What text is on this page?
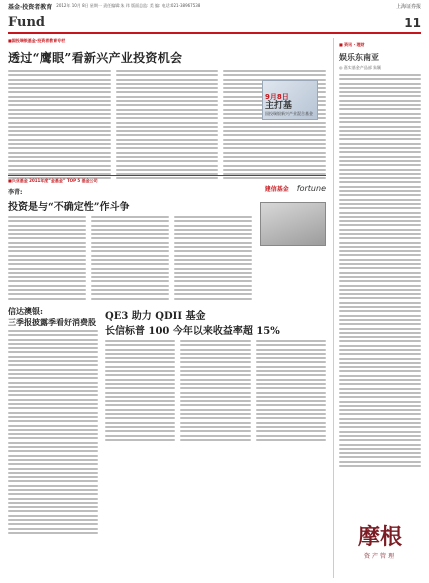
基金·投资者教育 2012年 10月 8日 星期一 责任编辑:朱 玮 版面总监: 美 编: 电话:021-38967538	上海证券报
Fund	11
■国投瑞银基金·投资者教育专栏
透过“鹰眼”看新兴产业投资机会
9月8日
主打基
国投瑞银新兴产业混合基金
■兴业基金 2011年度“金基金” TOP 5 基金公司
李青:
投资是与“不确定性”作斗争
建信基金 fortune
信达澳银:
三季报披露季看好消费股 QE3 助力 QDII 基金
长信标普 100 今年以来收益率超 15%
■ 资讯 · 理财
娱乐东南亚
◎ 嘉实基金产品部 朱颖
摩根
资产管理
